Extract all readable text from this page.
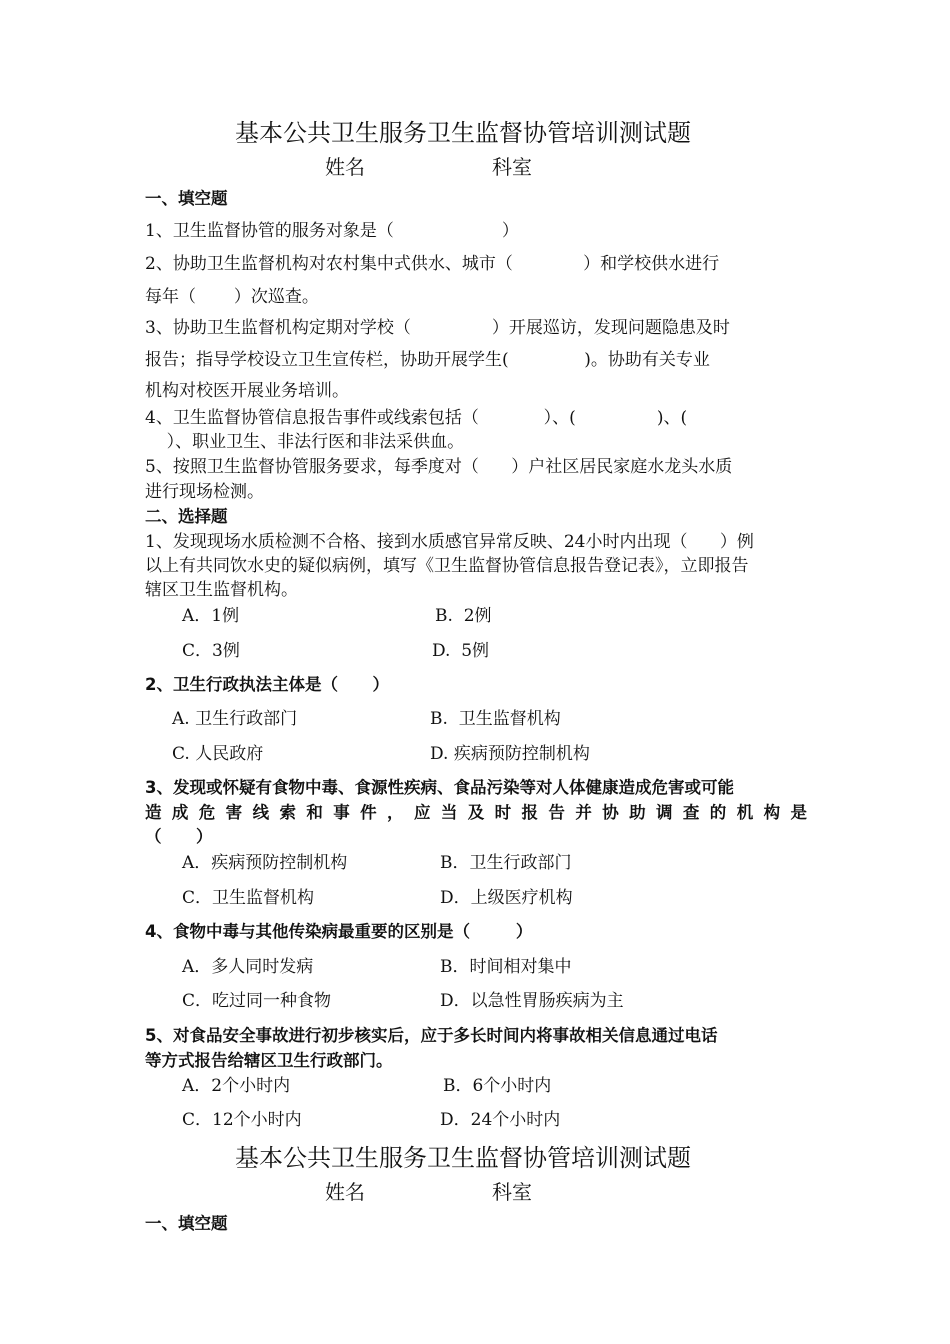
基本公共卫生服务卫生监督协管培训测试题
姓名	科室
一、填空题
1、卫生监督协管的服务对象是（                    ）
2、协助卫生监督机构对农村集中式供水、城市（             ）和学校供水进行
每年（       ）次巡查。
3、协助卫生监督机构定期对学校（               ）开展巡访，发现问题隐患及时
报告；指导学校设立卫生宣传栏，协助开展学生(              )。协助有关专业
机构对校医开展业务培训。
4、卫生监督协管信息报告事件或线索包括（            ）、(               )、(
）、职业卫生、非法行医和非法采供血。
5、按照卫生监督协管服务要求，每季度对（      ）户社区居民家庭水龙头水质
进行现场检测。
二、选择题
1、发现现场水质检测不合格、接到水质感官异常反映、24小时内出现（      ）例
以上有共同饮水史的疑似病例，填写《卫生监督协管信息报告登记表》，立即报告
辖区卫生监督机构。
A．1例	B.  2例
C．3例	D.  5例
2、卫生行政执法主体是（      ）
A. 卫生行政部门	B.  卫生监督机构
C. 人民政府	D. 疾病预防控制机构
3、发现或怀疑有食物中毒、食源性疾病、食品污染等对人体健康造成危害或可能
造成危害线索和事件，应当及时报告并协助调查的机构是
（      ）
A．疾病预防控制机构	B．卫生行政部门
C．卫生监督机构	D．上级医疗机构
4、食物中毒与其他传染病最重要的区别是（        ）
A．多人同时发病	B．时间相对集中
C．吃过同一种食物	D．以急性胃肠疾病为主
5、对食品安全事故进行初步核实后，应于多长时间内将事故相关信息通过电话
等方式报告给辖区卫生行政部门。
A．2个小时内	B．6个小时内
C．12个小时内	D．24个小时内
基本公共卫生服务卫生监督协管培训测试题
姓名	科室
一、填空题
